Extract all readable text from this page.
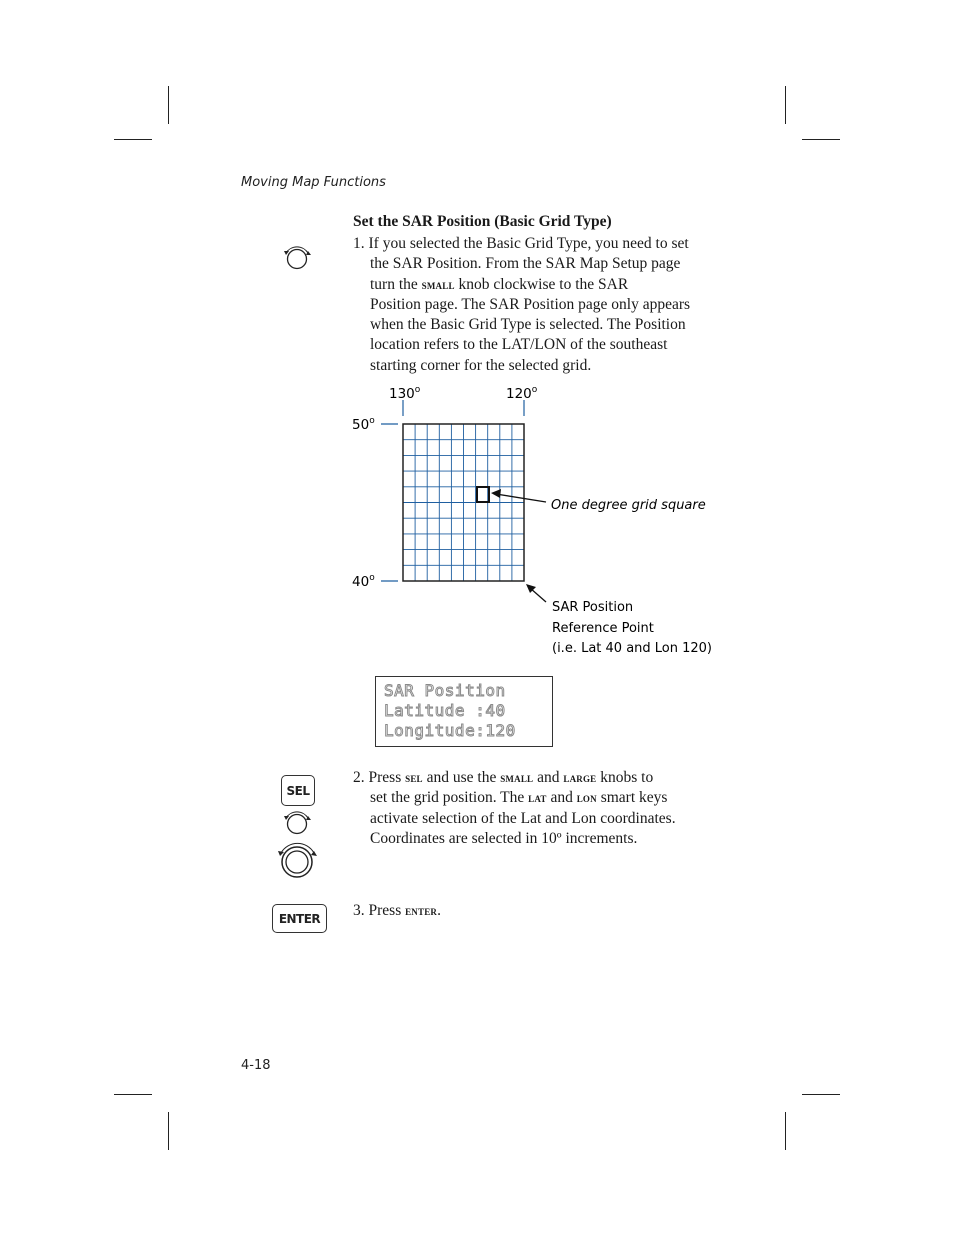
Moving Map Functions
Set the SAR Position (Basic Grid Type)
1. If you selected the Basic Grid Type, you need to set
the SAR Position. From the SAR Map Setup page
turn the small knob clockwise to the SAR
Position page. The SAR Position page only appears
when the Basic Grid Type is selected. The Position
location refers to the LAT/LON of the southeast
starting corner for the selected grid.
130$^o$	120$^o$
50$^o$
40$^o$
One degree grid square
SAR Position
Reference Point
(i.e. Lat 40 and Lon 120)
SAR Position
Latitude :40
Longitude:120
SEL
2. Press sel and use the small and large knobs to
set the grid position. The lat and lon smart keys
activate selection of the Lat and Lon coordinates.
Coordinates are selected in 10º increments.
ENTER	3. Press enter.
4-18
